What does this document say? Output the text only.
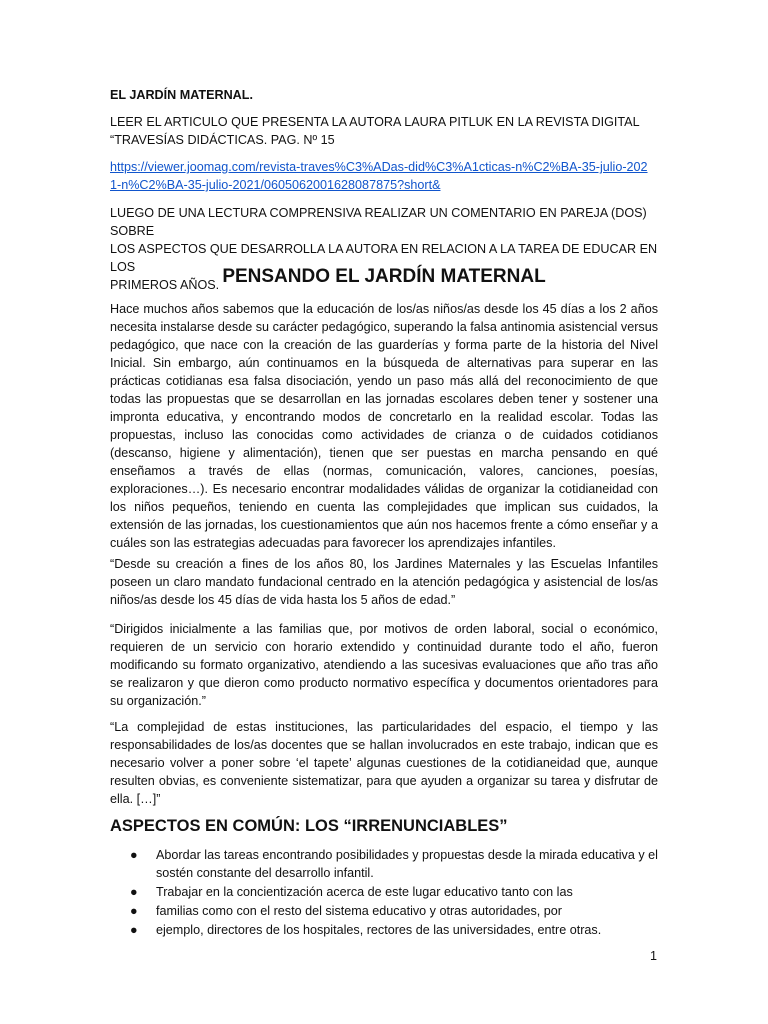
EL JARDÍN MATERNAL.

LEER EL ARTICULO QUE PRESENTA LA AUTORA LAURA PITLUK EN LA REVISTA DIGITAL

“TRAVESÍAS DIDÁCTICAS. PAG. Nº 15

https://viewer.joomag.com/revista-traves%C3%ADas-did%C3%A1cticas-n%C2%BA-35-julio-202
1-n%C2%BA-35-julio-2021/0605062001628087875?short&

LUEGO DE UNA LECTURA COMPRENSIVA REALIZAR UN COMENTARIO EN PAREJA (DOS) SOBRE

LOS ASPECTOS QUE DESARROLLA LA AUTORA EN RELACION A LA TAREA DE EDUCAR EN LOS

PRIMEROS AÑOS. PENSANDO EL JARDÍN MATERNAL

Hace muchos años sabemos que la educación de los/as niños/as desde los 45 días a los 2 años necesita instalarse desde su carácter pedagógico, superando la falsa antinomia asistencial versus pedagógico, que nace con la creación de las guarderías y forma parte de la historia del Nivel Inicial. Sin embargo, aún continuamos en la búsqueda de alternativas para superar en las prácticas cotidianas esa falsa disociación, yendo un paso más allá del reconocimiento de que todas las propuestas que se desarrollan en las jornadas escolares deben tener y sostener una impronta educativa, y encontrando modos de concretarlo en la realidad escolar. Todas las propuestas, incluso las conocidas como actividades de crianza o de cuidados cotidianos (descanso, higiene y alimentación), tienen que ser puestas en marcha pensando en qué enseñamos a través de ellas (normas, comunicación, valores, canciones, poesías, exploraciones…). Es necesario encontrar modalidades válidas de organizar la cotidianeidad con los niños pequeños, teniendo en cuenta las complejidades que implican sus cuidados, la extensión de las jornadas, los cuestionamientos que aún nos hacemos frente a cómo enseñar y a cuáles son las estrategias adecuadas para favorecer los aprendizajes infantiles.

“Desde su creación a fines de los años 80, los Jardines Maternales y las Escuelas Infantiles poseen un claro mandato fundacional centrado en la atención pedagógica y asistencial de los/as niños/as desde los 45 días de vida hasta los 5 años de edad.”

“Dirigidos inicialmente a las familias que, por motivos de orden laboral, social o económico, requieren de un servicio con horario extendido y continuidad durante todo el año, fueron modificando su formato organizativo, atendiendo a las sucesivas evaluaciones que año tras año se realizaron y que dieron como producto normativo específica y documentos orientadores para su organización.”

“La complejidad de estas instituciones, las particularidades del espacio, el tiempo y las responsabilidades de los/as docentes que se hallan involucrados en este trabajo, indican que es necesario volver a poner sobre ‘el tapete’ algunas cuestiones de la cotidianeidad que, aunque resulten obvias, es conveniente sistematizar, para que ayuden a organizar su tarea y disfrutar de ella. […]”

ASPECTOS EN COMÚN: LOS “IRRENUNCIABLES”
● Abordar las tareas encontrando posibilidades y propuestas desde la mirada educativa y el sostén constante del desarrollo infantil.
● Trabajar en la concientización acerca de este lugar educativo tanto con las
● familias como con el resto del sistema educativo y otras autoridades, por
● ejemplo, directores de los hospitales, rectores de las universidades, entre otras.
1
